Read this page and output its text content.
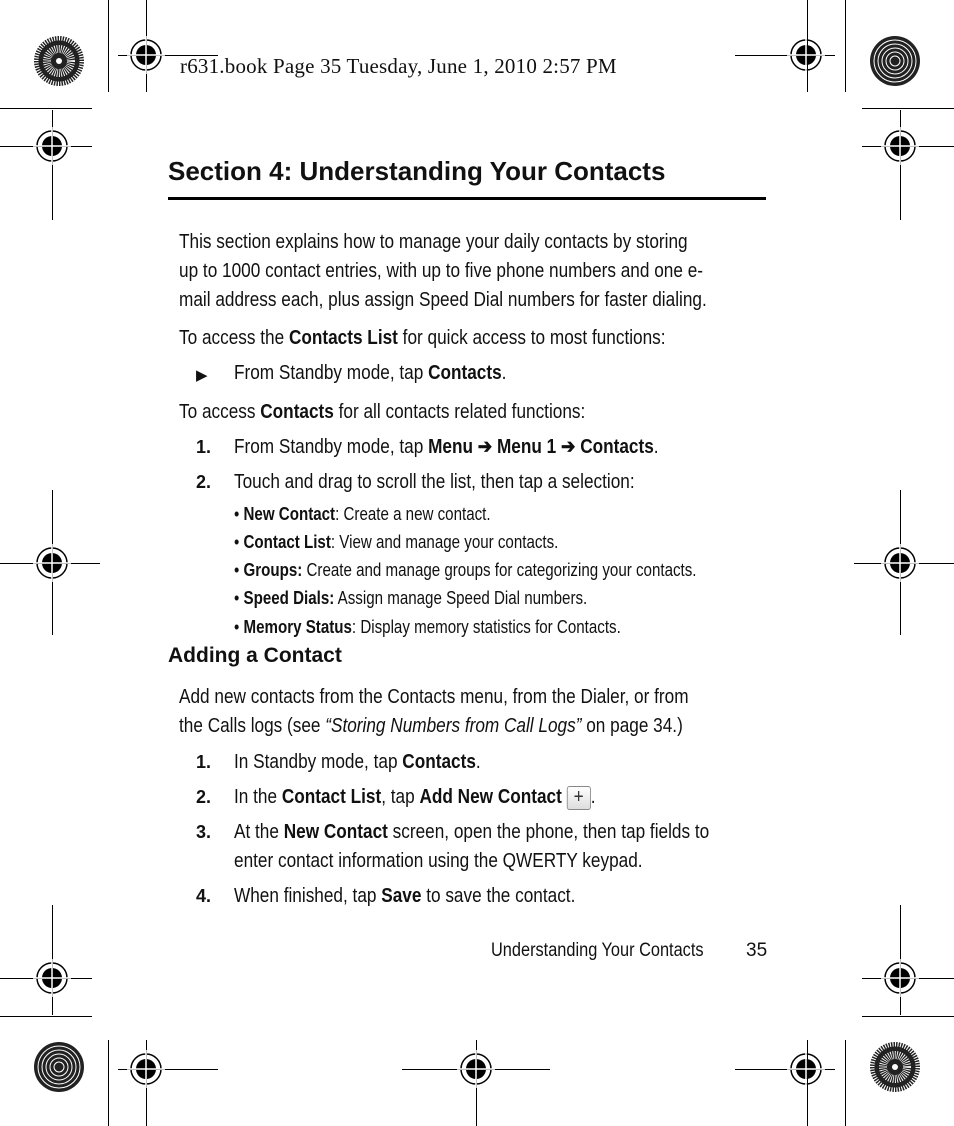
r631.book Page 35 Tuesday, June 1, 2010 2:57 PM
Section 4: Understanding Your Contacts
This section explains how to manage your daily contacts by storing
up to 1000 contact entries, with up to five phone numbers and one e-
mail address each, plus assign Speed Dial numbers for faster dialing.
To access the Contacts List for quick access to most functions:
▶ From Standby mode, tap Contacts.
To access Contacts for all contacts related functions:
1. From Standby mode, tap Menu ➔ Menu 1 ➔ Contacts.
2. Touch and drag to scroll the list, then tap a selection:
• New Contact: Create a new contact.
• Contact List: View and manage your contacts.
• Groups: Create and manage groups for categorizing your contacts.
• Speed Dials: Assign manage Speed Dial numbers.
• Memory Status: Display memory statistics for Contacts.
Adding a Contact
Add new contacts from the Contacts menu, from the Dialer, or from
the Calls logs (see “Storing Numbers from Call Logs” on page 34.)
1. In Standby mode, tap Contacts.
2. In the Contact List, tap Add New Contact + .
3. At the New Contact screen, open the phone, then tap fields to
enter contact information using the QWERTY keypad.
4. When finished, tap Save to save the contact.
Understanding Your Contacts 35
